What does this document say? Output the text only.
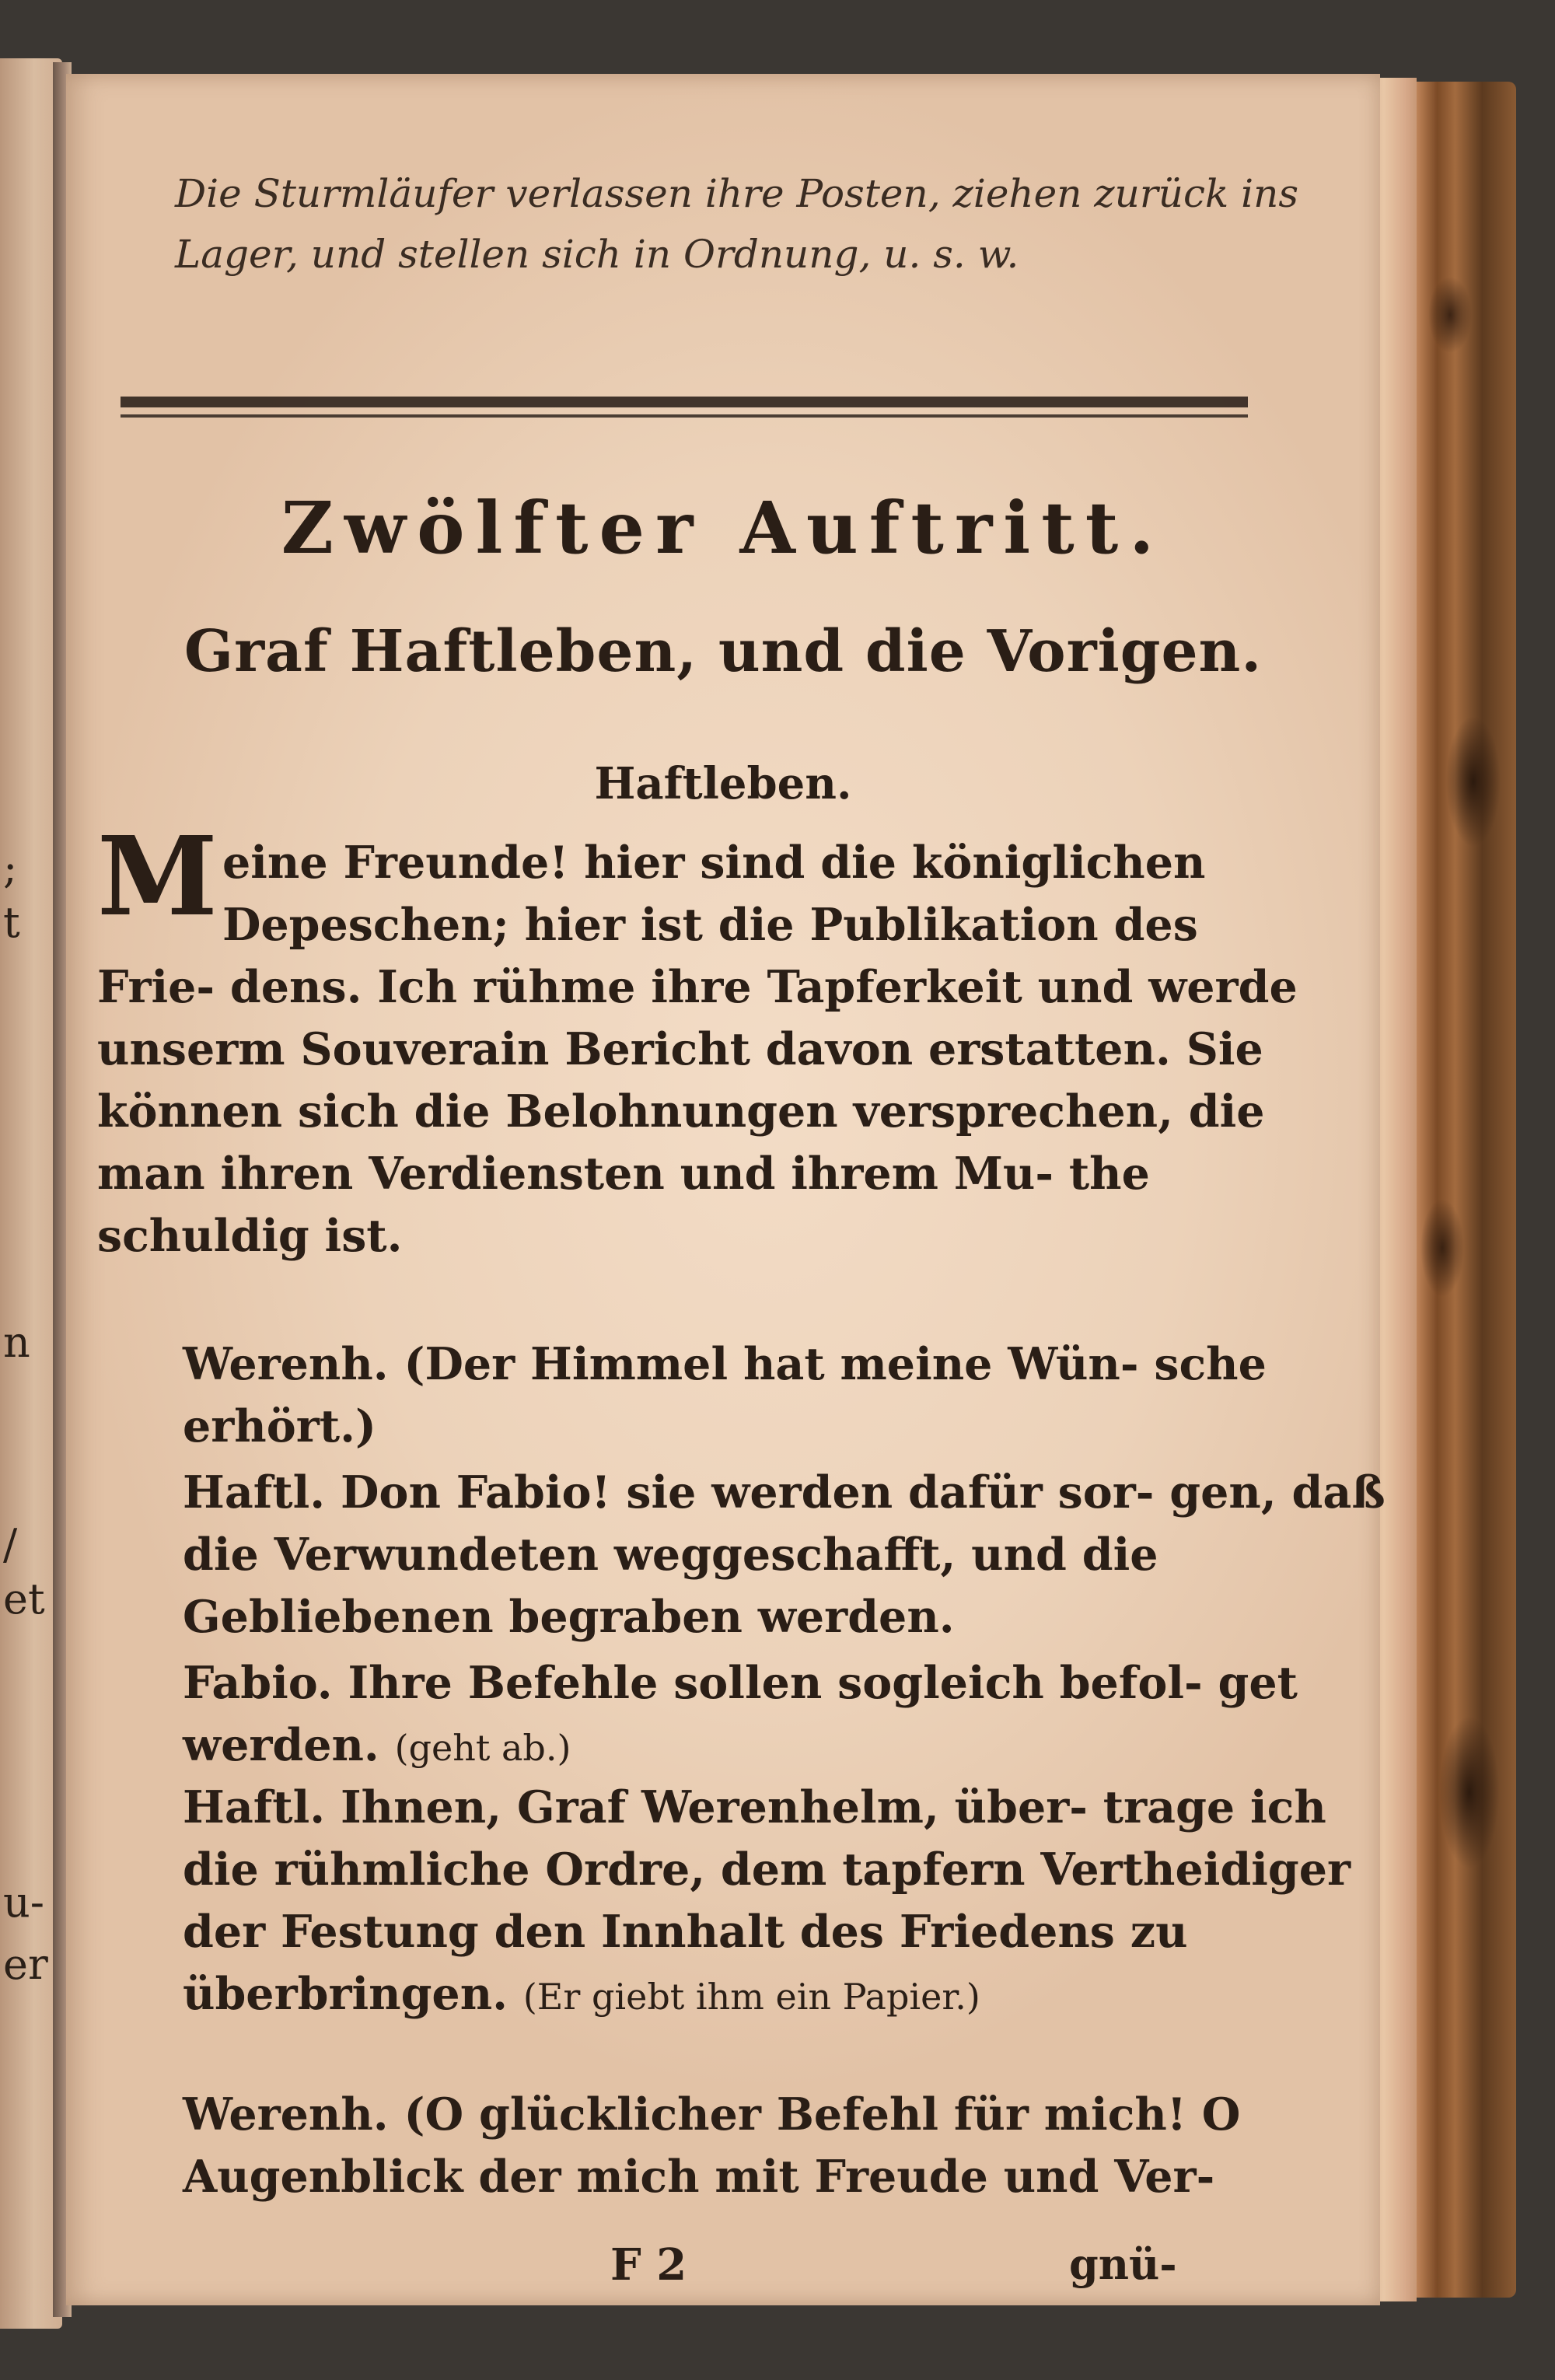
;
t
n
/
et
u-
er
Die Sturmläufer verlassen ihre Posten, ziehen zurück ins Lager, und stellen sich in Ordnung, u. s. w.
Zwölfter Auftritt.
Graf Haftleben, und die Vorigen.
Haftleben.
Meine Freunde! hier sind die königlichen Depeschen; hier ist die Publikation des Frie- dens. Ich rühme ihre Tapferkeit und werde unserm Souverain Bericht davon erstatten. Sie können sich die Belohnungen versprechen, die man ihren Verdiensten und ihrem Mu- the schuldig ist.
Werenh. (Der Himmel hat meine Wün- sche erhört.)
Haftl. Don Fabio! sie werden dafür sor- gen, daß die Verwundeten weggeschafft, und die Gebliebenen begraben werden.
Fabio. Ihre Befehle sollen sogleich befol- get werden. (geht ab.)
Haftl. Ihnen, Graf Werenhelm, über- trage ich die rühmliche Ordre, dem tapfern Vertheidiger der Festung den Innhalt des Friedens zu überbringen. (Er giebt ihm ein Papier.)
Werenh. (O glücklicher Befehl für mich! O Augenblick der mich mit Freude und Ver-
F 2	gnü-
